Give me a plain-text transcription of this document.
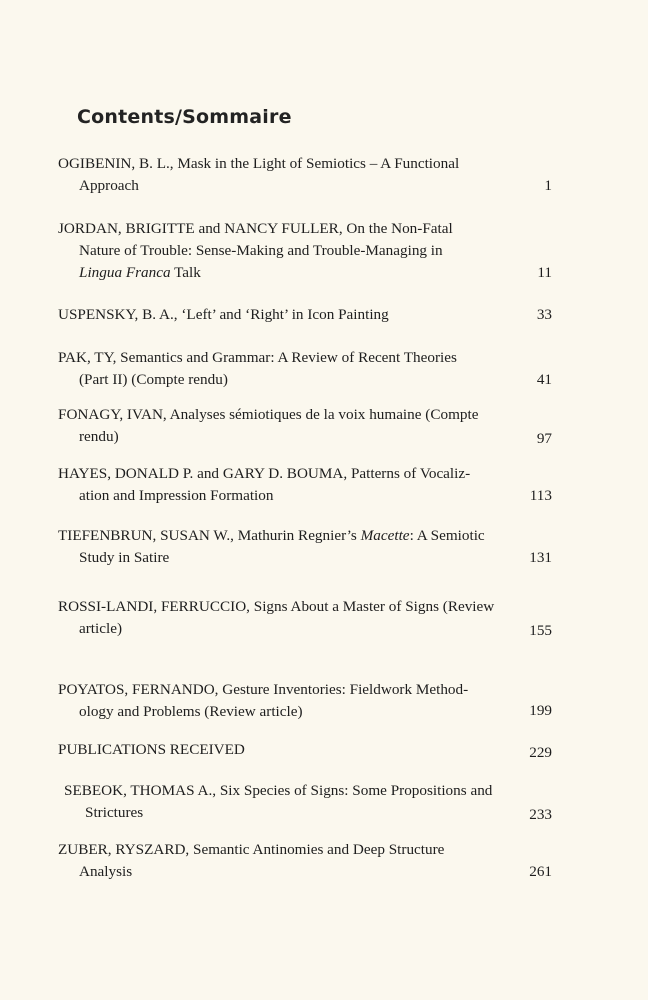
Contents/Sommaire
OGIBENIN, B. L., Mask in the Light of Semiotics – A Functional
Approach	1
JORDAN, BRIGITTE and NANCY FULLER, On the Non-Fatal
Nature of Trouble: Sense-Making and Trouble-Managing in
Lingua Franca Talk	11
USPENSKY, B. A., ‘Left’ and ‘Right’ in Icon Painting	33
PAK, TY, Semantics and Grammar: A Review of Recent Theories
(Part II) (Compte rendu)	41
FONAGY, IVAN, Analyses sémiotiques de la voix humaine (Compte
rendu)	97
HAYES, DONALD P. and GARY D. BOUMA, Patterns of Vocaliz-
ation and Impression Formation	113
TIEFENBRUN, SUSAN W., Mathurin Regnier’s Macette: A Semiotic
Study in Satire	131
ROSSI-LANDI, FERRUCCIO, Signs About a Master of Signs (Review
article)	155
POYATOS, FERNANDO, Gesture Inventories: Fieldwork Method-
ology and Problems (Review article)	199
PUBLICATIONS RECEIVED	229
SEBEOK, THOMAS A., Six Species of Signs: Some Propositions and
Strictures	233
ZUBER, RYSZARD, Semantic Antinomies and Deep Structure
Analysis	261
